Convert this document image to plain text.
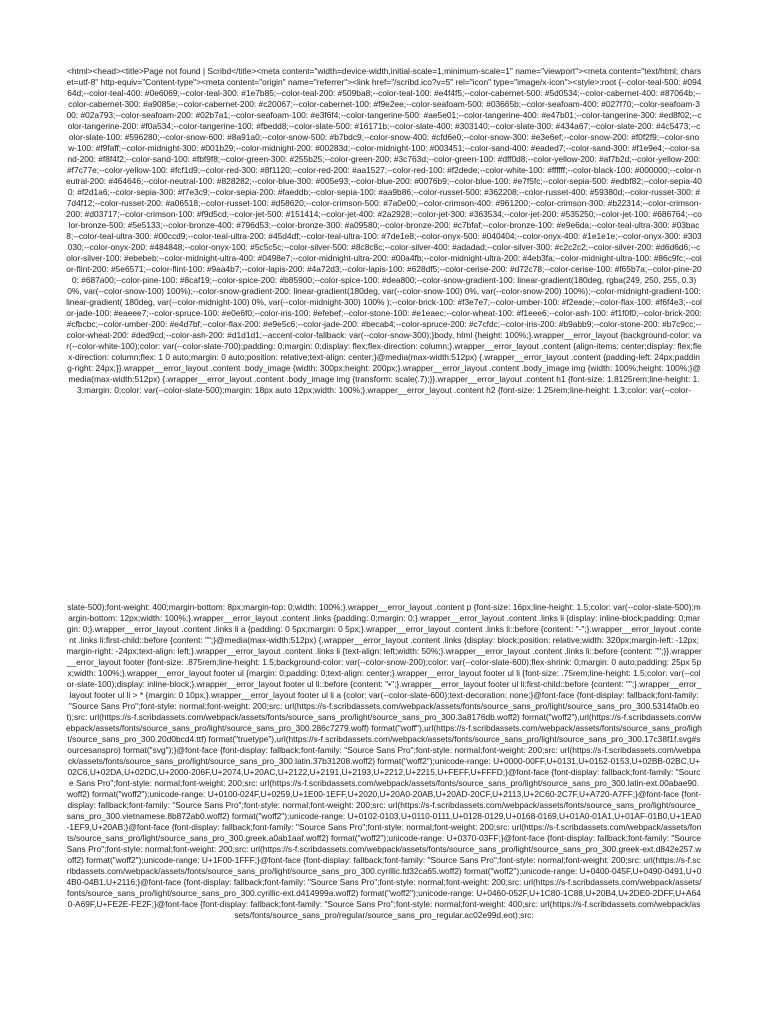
<html><head><title>Page not found | Scribd</title><meta content="width=device-width,initial-scale=1,minimum-scale=1" name="viewport"><meta content="text/html; charset=utf-8" http-equiv="Content-type"><meta content="origin" name="referrer"><link href="/scribd.ico?v=5" rel="icon" type="image/x-icon"><style>:root {--color-teal-500: #09464d;--color-teal-400: #0e6069;--color-teal-300: #1e7b85;--color-teal-200: #509ba8;--color-teal-100: #e4f4f5;--color-cabernet-500: #5d0534;--color-cabernet-400: #87064b;--color-cabernet-300: #a9085e;--color-cabernet-200: #c20067;--color-cabernet-100: #f9e2ee;--color-seafoam-500: #03665b;--color-seafoam-400: #027f70;--color-seafoam-300: #02a793;--color-seafoam-200: #02b7a1;--color-seafoam-100: #e3f6f4;--color-tangerine-500: #ae5e01;--color-tangerine-400: #e47b01;--color-tangerine-300: #ed8f02;--color-tangerine-200: #f0a534;--color-tangerine-100: #fbedd8;--color-slate-500: #16171b;--color-slate-400: #303140;--color-slate-300: #434a67;--color-slate-200: #4c5473;--color-slate-100: #596280;--color-snow-600: #8a91a0;--color-snow-500: #b7bdc9;--color-snow-400: #cfd6e0;--color-snow-300: #e3e6ef;--color-snow-200: #f0f2f9;--color-snow-100: #f9faff;--color-midnight-300: #001b29;--color-midnight-200: #00283d;--color-midnight-100: #003451;--color-sand-400: #eaded7;--color-sand-300: #f1e9e4;--color-sand-200: #f8f4f2;--color-sand-100: #fbf9f8;--color-green-300: #255b25;--color-green-200: #3c763d;--color-green-100: #dff0d8;--color-yellow-200: #af7b2d;--color-yellow-200: #f7c77e;--color-yellow-100: #fcf1d9;--color-red-300: #8f1120;--color-red-200: #aa1527;--color-red-100: #f2dede;--color-white-100: #ffffff;--color-black-100: #000000;--color-neutral-200: #464646;--color-neutral-100: #828282;--color-blue-300: #005e93;--color-blue-200: #0076b9;--color-blue-100: #e7f5fc;--color-sepia-500: #edbf82;--color-sepia-400: #f2d1a6;--color-sepia-300: #f7e3c9;--color-sepia-200: #faeddb;--color-sepia-100: #aa9b86;--color-russet-500: #362208;--color-russet-400: #59380d;--color-russet-300: #7d4f12;--color-russet-200: #a06518;--color-russet-100: #d58620;--color-crimson-500: #7a0e00;--color-crimson-400: #961200;--color-crimson-300: #b22314;--color-crimson-200: #d03717;--color-crimson-100: #f9d5cd;--color-jet-500: #151414;--color-jet-400: #2a2928;--color-jet-300: #363534;--color-jet-200: #535250;--color-jet-100: #686764;--color-bronze-500: #5e5133;--color-bronze-400: #796d53;--color-bronze-300: #a09580;--color-bronze-200: #c7bfaf;--color-bronze-100: #e9e6da;--color-teal-ultra-300: #03bac8;--color-teal-ultra-300: #00ccd9;--color-teal-ultra-200: #45d4df;--color-teal-ultra-100: #7de1e8;--color-onyx-500: #040404;--color-onyx-400: #1e1e1e;--color-onyx-300: #303030;--color-onyx-200: #484848;--color-onyx-100: #5c5c5c;--color-silver-500: #8c8c8c;--color-silver-400: #adadad;--color-silver-300: #c2c2c2;--color-silver-200: #d6d6d6;--color-silver-100: #ebebeb;--color-midnight-ultra-400: #0498e7;--color-midnight-ultra-200: #00a4fb;--color-midnight-ultra-200: #4eb3fa;--color-midnight-ultra-100: #86c9fc;--color-flint-200: #5e6571;--color-flint-100: #9aa4b7;--color-lapis-200: #4a72d3;--color-lapis-100: #628df5;--color-cerise-200: #d72c78;--color-cerise-100: #f65b7a;--color-pine-200: #687a00;--color-pine-100: #8caf19;--color-spice-200: #b85900;--color-spice-100: #dea800;--color-snow-gradient-100: linear-gradient(180deg, rgba(249, 250, 255, 0.3) 0%, var(--color-snow-100) 100%);--color-snow-gradient-200: linear-gradient(180deg, var(--color-snow-100) 0%, var(--color-snow-200) 100%);--color-midnight-gradient-100: linear-gradient( 180deg, var(--color-midnight-100) 0%, var(--color-midnight-300) 100% );--color-brick-100: #f3e7e7;--color-umber-100: #f2eade;--color-flax-100: #f6f4e3;--color-jade-100: #eaeee7;--color-spruce-100: #e0e6f0;--color-iris-100: #efebef;--color-stone-100: #e1eaec;--color-wheat-100: #f1eee6;--color-ash-100: #f1f0f0;--color-brick-200: #cfbcbc;--color-umber-200: #e4d7bf;--color-flax-200: #e9e5c6;--color-jade-200: #becab4;--color-spruce-200: #c7cfdc;--color-iris-200: #b9abb9;--color-stone-200: #b7c9cc;--color-wheat-200: #ded9cd;--color-ash-200: #d1d1d1;--accent-color-fallback: var(--color-snow-300);}body, html {height: 100%;}.wrapper__error_layout {background-color: var(--color-white-100);color: var(--color-slate-700);padding: 0;margin: 0;display: flex;flex-direction: column;}.wrapper__error_layout .content {align-items: center;display: flex;flex-direction: column;flex: 1 0 auto;margin: 0 auto;position: relative;text-align: center;}@media(max-width:512px) {.wrapper__error_layout .content {padding-left: 24px;padding-right: 24px;}}.wrapper__error_layout .content .body_image {width: 300px;height: 200px;}.wrapper__error_layout .content .body_image img {width: 100%;height: 100%;}@media(max-width:512px) {.wrapper__error_layout .content .body_image img {transform: scale(.7);}}.wrapper__error_layout .content h1 {font-size: 1.8125rem;line-height: 1.3;margin: 0;color: var(--color-slate-500);margin: 18px auto 12px;width: 100%;}.wrapper__error_layout .content h2 {font-size: 1.25rem;line-height: 1.3;color: var(--color-

slate-500);font-weight: 400;margin-bottom: 8px;margin-top: 0;width: 100%;}.wrapper__error_layout .content p {font-size: 16px;line-height: 1.5;color: var(--color-slate-500);margin-bottom: 12px;width: 100%;}.wrapper__error_layout .content .links {padding: 0;margin: 0;}.wrapper__error_layout .content .links li {display: inline-block;padding: 0;margin: 0;}.wrapper__error_layout .content .links li a {padding: 0 5px;margin: 0 5px;}.wrapper__error_layout .content .links li::before {content: "-";}.wrapper__error_layout .content .links li:first-child::before {content: "";}@media(max-width:512px) {.wrapper__error_layout .content .links {display: block;position: relative;width: 320px;margin-left: -12px;margin-right: -24px;text-align: left;}.wrapper__error_layout .content .links li {text-align: left;width: 50%;}.wrapper__error_layout .content .links li::before {content: "";}}.wrapper__error_layout footer {font-size: .875rem;line-height: 1.5;background-color: var(--color-snow-200);color: var(--color-slate-600);flex-shrink: 0;margin: 0 auto;padding: 25px 5px;width: 100%;}.wrapper__error_layout footer ul {margin: 0;padding: 0;text-align: center;}.wrapper__error_layout footer ul li {font-size: .75rem;line-height: 1.5;color: var(--color-slate-100);display: inline-block;}.wrapper__error_layout footer ul li::before {content: "•";}.wrapper__error_layout footer ul li:first-child::before {content: "";}.wrapper__error_layout footer ul li > * {margin: 0 10px;}.wrapper__error_layout footer ul li a {color: var(--color-slate-600);text-decoration: none;}@font-face {font-display: fallback;font-family: "Source Sans Pro";font-style: normal;font-weight: 200;src: url(https://s-f.scribdassets.com/webpack/assets/fonts/source_sans_pro/light/source_sans_pro_300.5314fa0b.eot);src: url(https://s-f.scribdassets.com/webpack/assets/fonts/source_sans_pro/light/source_sans_pro_300.3a8176db.woff2) format("woff2"),url(https://s-f.scribdassets.com/webpack/assets/fonts/source_sans_pro/light/source_sans_pro_300.286c7279.woff) format("woff"),url(https://s-f.scribdassets.com/webpack/assets/fonts/source_sans_pro/light/source_sans_pro_300.20d0bcd4.ttf) format("truetype"),url(https://s-f.scribdassets.com/webpack/assets/fonts/source_sans_pro/light/source_sans_pro_300.17c38f1f.svg#sourcesanspro) format("svg");}@font-face {font-display: fallback;font-family: "Source Sans Pro";font-style: normal;font-weight: 200;src: url(https://s-f.scribdassets.com/webpack/assets/fonts/source_sans_pro/light/source_sans_pro_300.latin.37b31208.woff2) format("woff2");unicode-range: U+0000-00FF,U+0131,U+0152-0153,U+02BB-02BC,U+02C6,U+02DA,U+02DC,U+2000-206F,U+2074,U+20AC,U+2122,U+2191,U+2193,U+2212,U+2215,U+FEFF,U+FFFD;}@font-face {font-display: fallback;font-family: "Source Sans Pro";font-style: normal;font-weight: 200;src: url(https://s-f.scribdassets.com/webpack/assets/fonts/source_sans_pro/light/source_sans_pro_300.latin-ext.00abae90.woff2) format("woff2");unicode-range: U+0100-024F,U+0259,U+1E00-1EFF,U+2020,U+20A0-20AB,U+20AD-20CF,U+2113,U+2C60-2C7F,U+A720-A7FF;}@font-face {font-display: fallback;font-family: "Source Sans Pro";font-style: normal;font-weight: 200;src: url(https://s-f.scribdassets.com/webpack/assets/fonts/source_sans_pro/light/source_sans_pro_300.vietnamese.8b872ab0.woff2) format("woff2");unicode-range: U+0102-0103,U+0110-0111,U+0128-0129,U+0168-0169,U+01A0-01A1,U+01AF-01B0,U+1EA0-1EF9,U+20AB;}@font-face {font-display: fallback;font-family: "Source Sans Pro";font-style: normal;font-weight: 200;src: url(https://s-f.scribdassets.com/webpack/assets/fonts/source_sans_pro/light/source_sans_pro_300.greek.a0ab1aaf.woff2) format("woff2");unicode-range: U+0370-03FF;}@font-face {font-display: fallback;font-family: "Source Sans Pro";font-style: normal;font-weight: 200;src: url(https://s-f.scribdassets.com/webpack/assets/fonts/source_sans_pro/light/source_sans_pro_300.greek-ext.d842e257.woff2) format("woff2");unicode-range: U+1F00-1FFF;}@font-face {font-display: fallback;font-family: "Source Sans Pro";font-style: normal;font-weight: 200;src: url(https://s-f.scribdassets.com/webpack/assets/fonts/source_sans_pro/light/source_sans_pro_300.cyrillic.fd32ca65.woff2) format("woff2");unicode-range: U+0400-045F,U+0490-0491,U+04B0-04B1,U+2116;}@font-face {font-display: fallback;font-family: "Source Sans Pro";font-style: normal;font-weight: 200;src: url(https://s-f.scribdassets.com/webpack/assets/fonts/source_sans_pro/light/source_sans_pro_300.cyrillic-ext.d414999a.woff2) format("woff2");unicode-range: U+0460-052F,U+1C80-1C88,U+20B4,U+2DE0-2DFF,U+A640-A69F,U+FE2E-FE2F;}@font-face {font-display: fallback;font-family: "Source Sans Pro";font-style: normal;font-weight: 400;src: url(https://s-f.scribdassets.com/webpack/assets/fonts/source_sans_pro/regular/source_sans_pro_regular.ac02e99d.eot);src:
